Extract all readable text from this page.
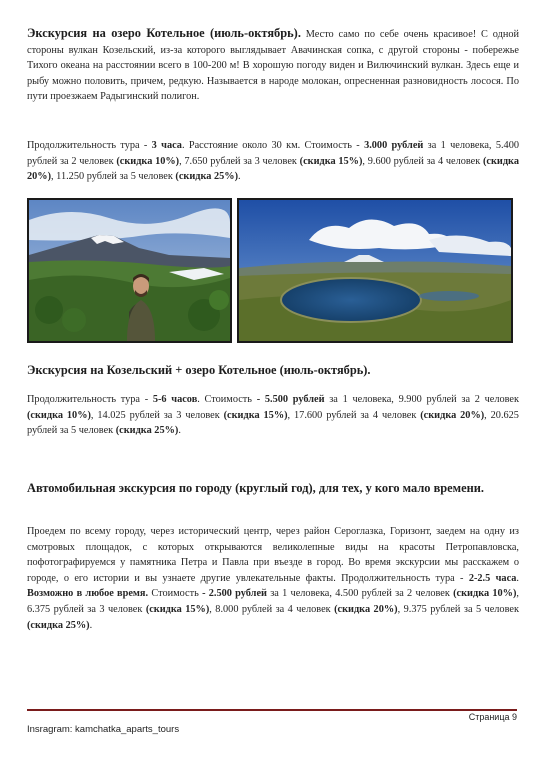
Экскурсия на озеро Котельное (июль-октябрь). Место само по себе очень красивое! С одной стороны вулкан Козельский, из-за которого выглядывает Авачинская сопка, с другой стороны - побережье Тихого океана на расстоянии всего в 100-200 м! В хорошую погоду виден и Вилючинский вулкан. Здесь еще и рыбу можно половить, причем, редкую. Называется в народе молокан, опресненная разновидность лосося. По пути проезжаем Радыгинский полигон.

Продолжительность тура - 3 часа. Расстояние около 30 км. Стоимость - 3.000 рублей за 1 человека, 5.400 рублей за 2 человек (скидка 10%), 7.650 рублей за 3 человек (скидка 15%), 9.600 рублей за 4 человек (скидка 20%), 11.250 рублей за 5 человек (скидка 25%).

Экскурсия на Козельский + озеро Котельное (июль-октябрь).

Продолжительность тура - 5-6 часов. Стоимость - 5.500 рублей за 1 человека, 9.900 рублей за 2 человек (скидка 10%), 14.025 рублей за 3 человек (скидка 15%), 17.600 рублей за 4 человек (скидка 20%), 20.625 рублей за 5 человек (скидка 25%).

Автомобильная экскурсия по городу (круглый год), для тех, у кого мало времени.

Проедем по всему городу, через исторический центр, через район Сероглазка, Горизонт, заедем на одну из смотровых площадок, с которых открываются великолепные виды на красоты Петропавловска, пофотографируемся у памятника Петра и Павла при въезде в город. Во время экскурсии мы расскажем о городе, о его истории и вы узнаете другие увлекательные факты. Продолжительность тура - 2-2.5 часа. Возможно в любое время. Стоимость - 2.500 рублей за 1 человека, 4.500 рублей за 2 человек (скидка 10%), 6.375 рублей за 3 человек (скидка 15%), 8.000 рублей за 4 человек (скидка 20%), 9.375 рублей за 5 человек (скидка 25%).

Страница 9
Insragram: kamchatka_aparts_tours
